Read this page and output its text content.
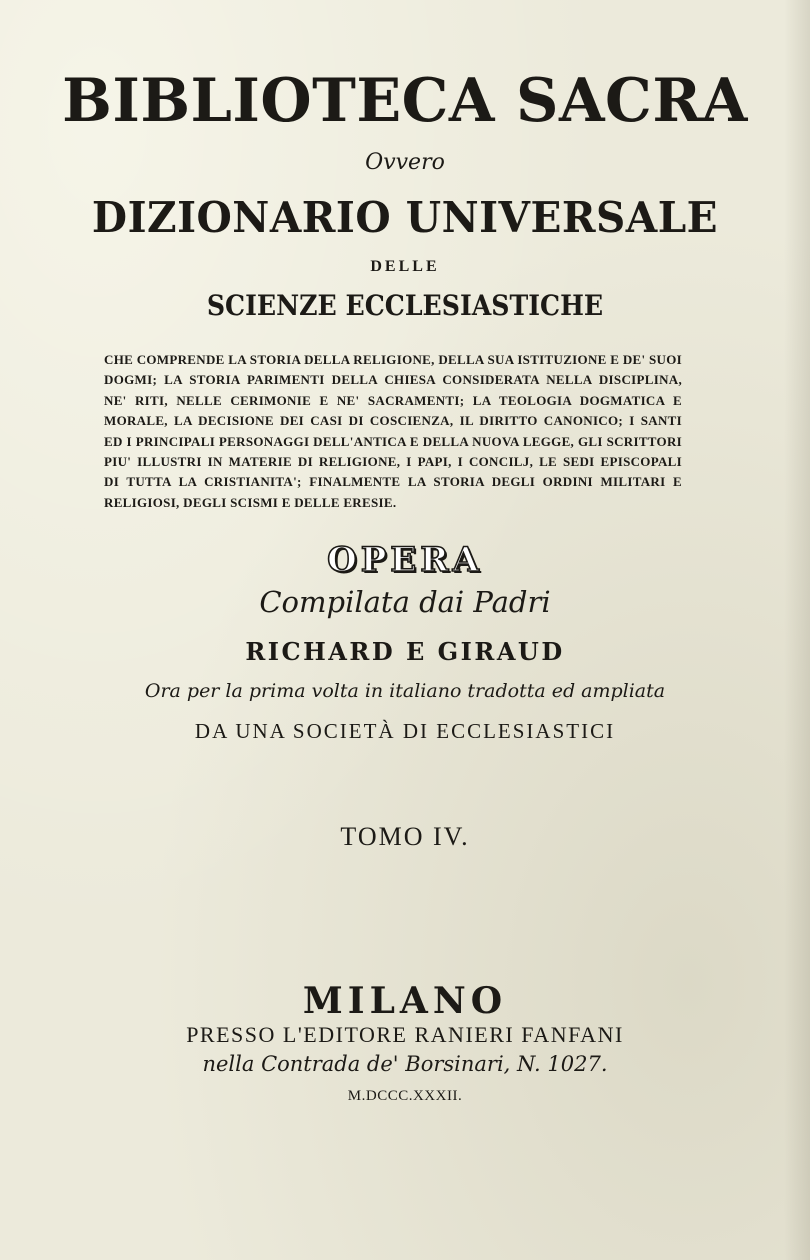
BIBLIOTECA SACRA
Ovvero
DIZIONARIO UNIVERSALE
DELLE
SCIENZE ECCLESIASTICHE
CHE COMPRENDE LA STORIA DELLA RELIGIONE, DELLA SUA ISTITUZIONE E DE' SUOI
DOGMI; LA STORIA PARIMENTI DELLA CHIESA CONSIDERATA NELLA DISCIPLINA,
NE' RITI, NELLE CERIMONIE E NE' SACRAMENTI; LA TEOLOGIA DOGMATICA E
MORALE, LA DECISIONE DEI CASI DI COSCIENZA, IL DIRITTO CANONICO; I SANTI
ED I PRINCIPALI PERSONAGGI DELL'ANTICA E DELLA NUOVA LEGGE, GLI SCRITTORI
PIU' ILLUSTRI IN MATERIE DI RELIGIONE, I PAPI, I CONCILJ, LE SEDI EPISCOPALI
DI TUTTA LA CRISTIANITA'; FINALMENTE LA STORIA DEGLI ORDINI MILITARI E
RELIGIOSI, DEGLI SCISMI E DELLE ERESIE.
OPERA
Compilata dai Padri
RICHARD E GIRAUD
Ora per la prima volta in italiano tradotta ed ampliata
DA UNA SOCIETÀ DI ECCLESIASTICI
TOMO IV.
MILANO
PRESSO L'EDITORE RANIERI FANFANI
nella Contrada de' Borsinari, N. 1027.
M.DCCC.XXXII.
